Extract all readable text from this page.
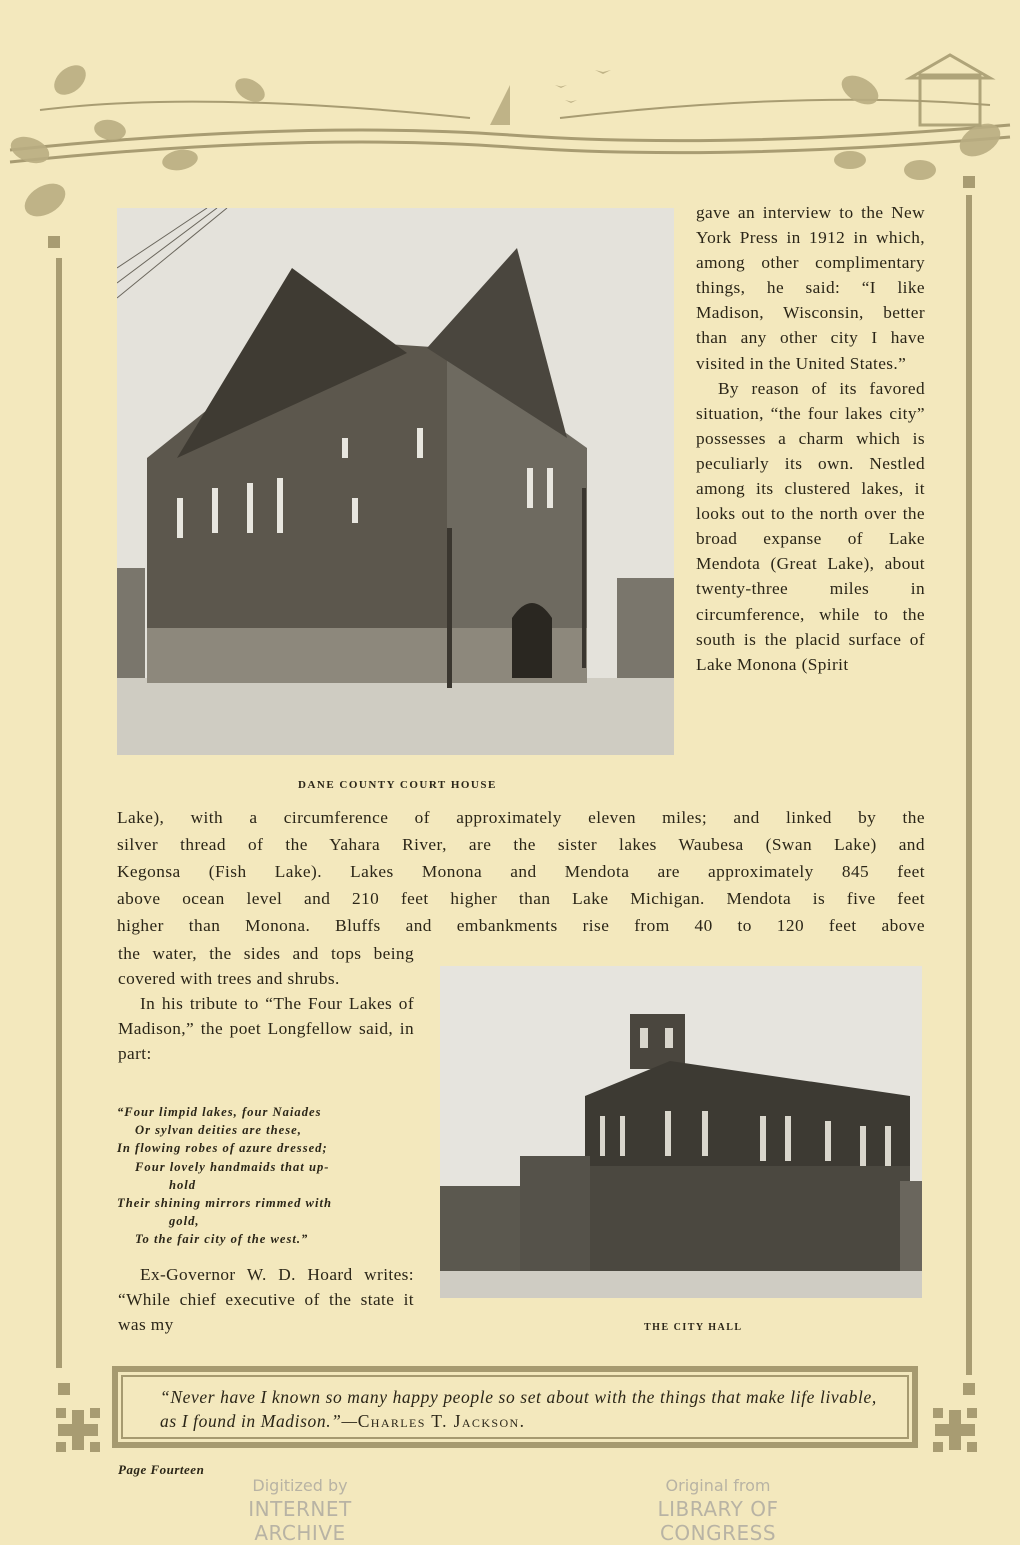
DANE COUNTY COURT HOUSE

gave an interview to the New York Press in 1912 in which, among other complimentary things, he said: “I like Madison, Wisconsin, better than any other city I have visited in the United States.”

By reason of its favored situation, “the four lakes city” possesses a charm which is peculiarly its own. Nestled among its clustered lakes, it looks out to the north over the broad expanse of Lake Mendota (Great Lake), about twenty-three miles in circumference, while to the south is the placid surface of Lake Monona (Spirit

Lake), with a circumference of approximately eleven miles; and linked by the
silver thread of the Yahara River, are the sister lakes Waubesa (Swan Lake) and
Kegonsa (Fish Lake). Lakes Monona and Mendota are approximately 845 feet
above ocean level and 210 feet higher than Lake Michigan. Mendota is five feet
higher than Monona. Bluffs and embankments rise from 40 to 120 feet above

the water, the sides and tops being covered with trees and shrubs.

In his tribute to “The Four Lakes of Madison,” the poet Longfellow said, in part:

“Four limpid lakes, four Naiades
Or sylvan deities are these,
In flowing robes of azure dressed;
Four lovely handmaids that up-
hold
Their shining mirrors rimmed with
gold,
To the fair city of the west.”

Ex-Governor W. D. Hoard writes: “While chief executive of the state it was my	THE CITY HALL
“Never have I known so many happy people so set about with the things that make life livable, as I found in Madison.”—Charles T. Jackson.
Page Fourteen
Digitized by
INTERNET ARCHIVE
Original from
LIBRARY OF CONGRESS
